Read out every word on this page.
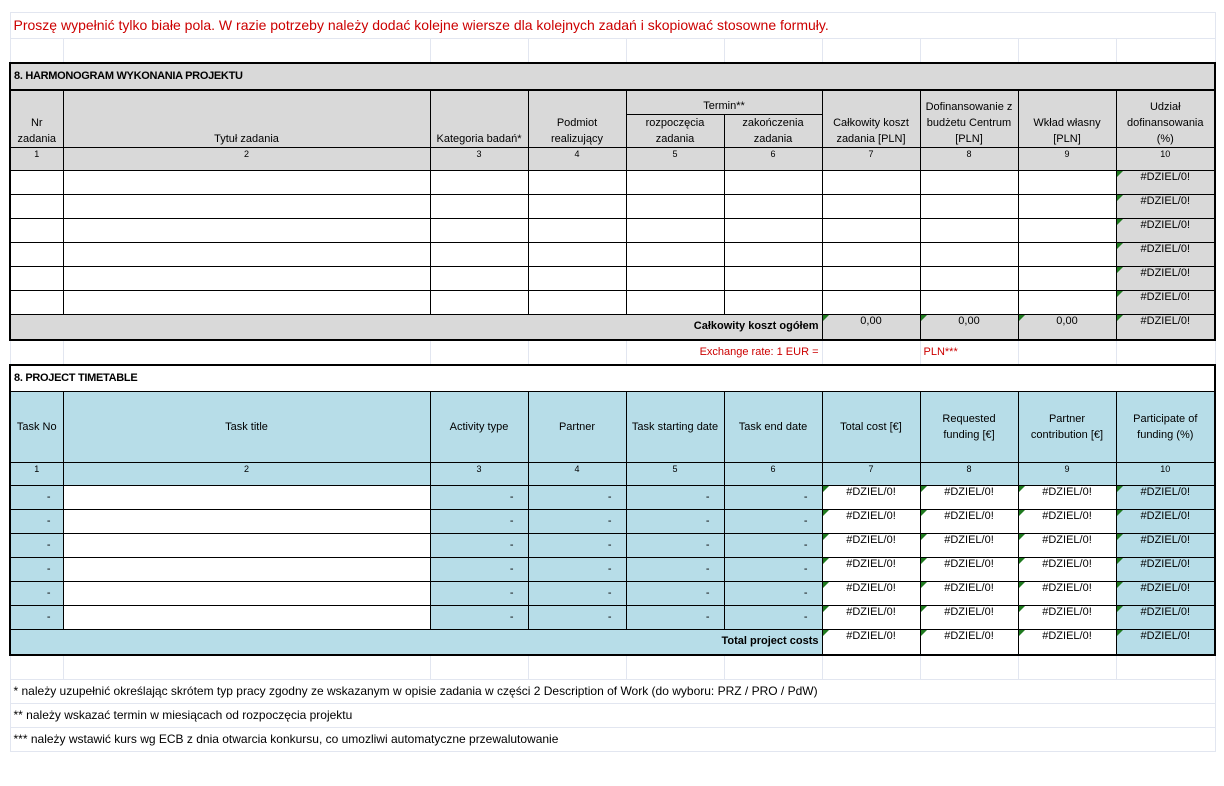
Proszę wypełnić tylko białe pola. W razie potrzeby należy dodać kolejne wiersze dla kolejnych zadań i skopiować stosowne formuły.									

8. HARMONOGRAM WYKONANIA PROJEKTU									
Nr zadania	Tytuł zadania	Kategoria badań*	Podmiot realizujący	Termin**		Całkowity koszt zadania [PLN]	Dofinansowanie z budżetu Centrum [PLN]	Wkład własny [PLN]	Udział dofinansowania (%)
				rozpoczęcia zadania	zakończenia zadania				

1	2	3	4	5	6	7	8	9	10
									#DZIEL/0!
									#DZIEL/0!
									#DZIEL/0!
									#DZIEL/0!
									#DZIEL/0!
									#DZIEL/0!
Całkowity koszt ogółem						0,00	0,00	0,00	#DZIEL/0!
				Exchange rate: 1 EUR =			PLN***		
8. PROJECT TIMETABLE									
Task No	Task title	Activity type	Partner	Task starting date	Task end date	Total cost [€]	Requested funding [€]	Partner contribution [€]	Participate of funding (%)
1	2	3	4	5	6	7	8	9	10
-		-	-	-	-	#DZIEL/0!	#DZIEL/0!	#DZIEL/0!	#DZIEL/0!
-		-	-	-	-	#DZIEL/0!	#DZIEL/0!	#DZIEL/0!	#DZIEL/0!
-		-	-	-	-	#DZIEL/0!	#DZIEL/0!	#DZIEL/0!	#DZIEL/0!
-		-	-	-	-	#DZIEL/0!	#DZIEL/0!	#DZIEL/0!	#DZIEL/0!
-		-	-	-	-	#DZIEL/0!	#DZIEL/0!	#DZIEL/0!	#DZIEL/0!
-		-	-	-	-	#DZIEL/0!	#DZIEL/0!	#DZIEL/0!	#DZIEL/0!
Total project costs						#DZIEL/0!	#DZIEL/0!	#DZIEL/0!	#DZIEL/0!

* należy uzupełnić określając skrótem typ pracy zgodny ze wskazanym w opisie zadania w części 2 Description of Work (do wyboru: PRZ / PRO / PdW)									
** należy wskazać termin w miesiącach od rozpoczęcia projektu									
*** należy wstawić kurs wg ECB z dnia otwarcia konkursu, co umozliwi automatyczne przewalutowanie									
